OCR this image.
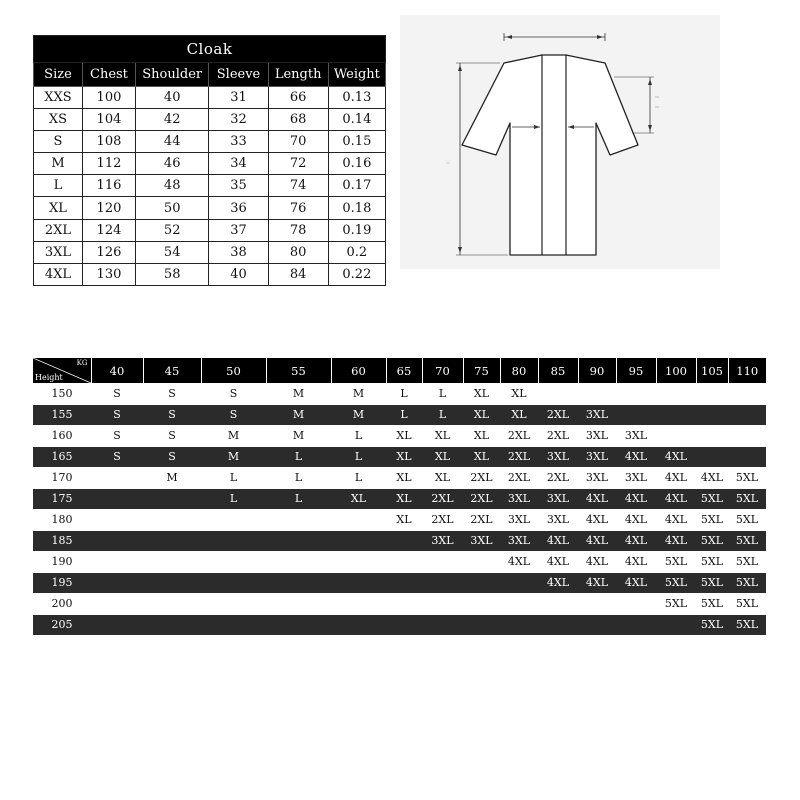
Cloak					
Size	Chest	Shoulder	Sleeve	Length	Weight
XXS	100	40	31	66	0.13
XS	104	42	32	68	0.14
S	108	44	33	70	0.15
M	112	46	34	72	0.16
L	116	48	35	74	0.17
XL	120	50	36	76	0.18
2XL	124	52	37	78	0.19
3XL	126	54	38	80	0.2
4XL	130	58	40	84	0.22
KG
Height	40	45	50	55	60	65	70	75	80	85	90	95	100	105	110
150	S	S	S	M	M	L	L	XL	XL						
155	S	S	S	M	M	L	L	XL	XL	2XL	3XL				
160	S	S	M	M	L	XL	XL	XL	2XL	2XL	3XL	3XL			
165	S	S	M	L	L	XL	XL	XL	2XL	3XL	3XL	4XL	4XL		
170		M	L	L	L	XL	XL	2XL	2XL	2XL	3XL	3XL	4XL	4XL	5XL
175			L	L	XL	XL	2XL	2XL	3XL	3XL	4XL	4XL	4XL	5XL	5XL
180						XL	2XL	2XL	3XL	3XL	4XL	4XL	4XL	5XL	5XL
185							3XL	3XL	3XL	4XL	4XL	4XL	4XL	5XL	5XL
190									4XL	4XL	4XL	4XL	5XL	5XL	5XL
195										4XL	4XL	4XL	5XL	5XL	5XL
200													5XL	5XL	5XL
205														5XL	5XL
